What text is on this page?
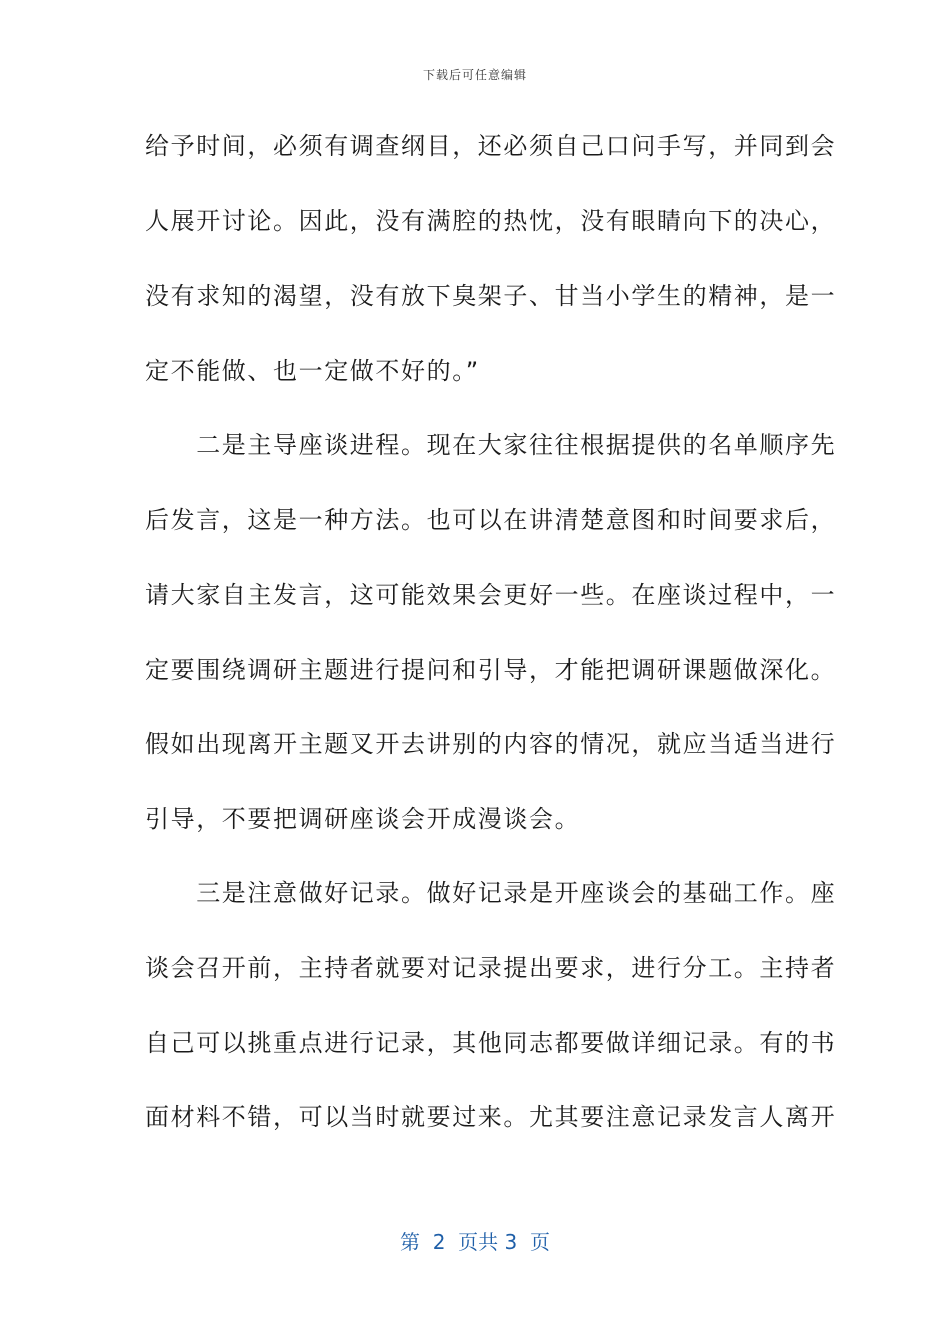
下载后可任意编辑
给予时间，必须有调查纲目，还必须自己口问手写，并同到会
人展开讨论。因此，没有满腔的热忱，没有眼睛向下的决心，
没有求知的渴望，没有放下臭架子、甘当小学生的精神，是一
定不能做、也一定做不好的。”
　　二是主导座谈进程。现在大家往往根据提供的名单顺序先
后发言，这是一种方法。也可以在讲清楚意图和时间要求后，
请大家自主发言，这可能效果会更好一些。在座谈过程中，一
定要围绕调研主题进行提问和引导，才能把调研课题做深化。
假如出现离开主题叉开去讲别的内容的情况，就应当适当进行
引导，不要把调研座谈会开成漫谈会。
　　三是注意做好记录。做好记录是开座谈会的基础工作。座
谈会召开前，主持者就要对记录提出要求，进行分工。主持者
自己可以挑重点进行记录，其他同志都要做详细记录。有的书
面材料不错，可以当时就要过来。尤其要注意记录发言人离开
第  2  页共 3  页
